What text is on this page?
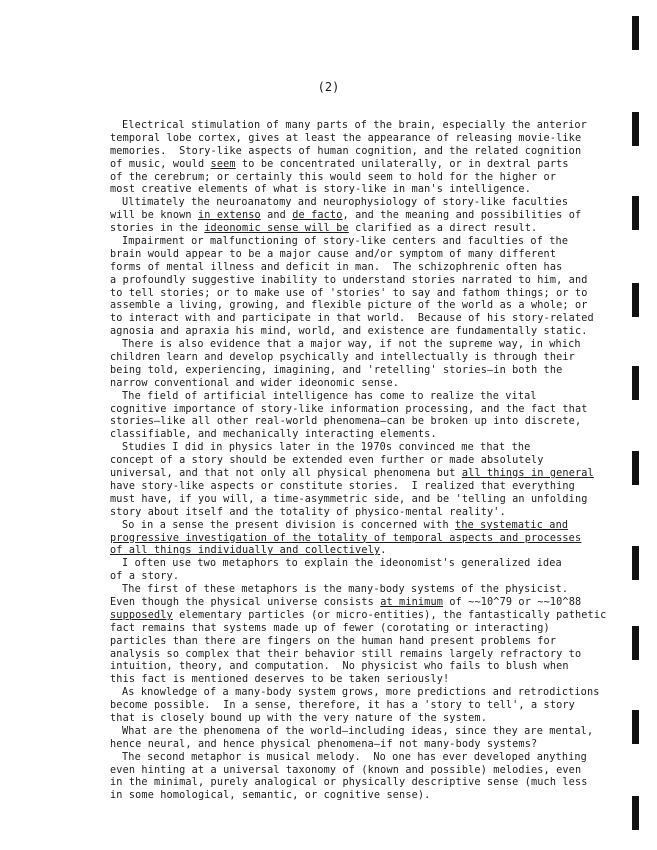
(2)
Electrical stimulation of many parts of the brain, especially the anterior
temporal lobe cortex, gives at least the appearance of releasing movie-like
memories.  Story-like aspects of human cognition, and the related cognition
of music, would seem to be concentrated unilaterally, or in dextral parts
of the cerebrum; or certainly this would seem to hold for the higher or
most creative elements of what is story-like in man's intelligence.
Ultimately the neuroanatomy and neurophysiology of story-like faculties
will be known in extenso and de facto, and the meaning and possibilities of
stories in the ideonomic sense will be clarified as a direct result.
Impairment or malfunctioning of story-like centers and faculties of the
brain would appear to be a major cause and/or symptom of many different
forms of mental illness and deficit in man.  The schizophrenic often has
a profoundly suggestive inability to understand stories narrated to him, and
to tell stories; or to make use of 'stories' to say and fathom things; or to
assemble a living, growing, and flexible picture of the world as a whole; or
to interact with and participate in that world.  Because of his story-related
agnosia and apraxia his mind, world, and existence are fundamentally static.
There is also evidence that a major way, if not the supreme way, in which
children learn and develop psychically and intellectually is through their
being told, experiencing, imagining, and 'retelling' stories—in both the
narrow conventional and wider ideonomic sense.
The field of artificial intelligence has come to realize the vital
cognitive importance of story-like information processing, and the fact that
stories—like all other real-world phenomena—can be broken up into discrete,
classifiable, and mechanically interacting elements.
Studies I did in physics later in the 1970s convinced me that the
concept of a story should be extended even further or made absolutely
universal, and that not only all physical phenomena but all things in general
have story-like aspects or constitute stories.  I realized that everything
must have, if you will, a time-asymmetric side, and be 'telling an unfolding
story about itself and the totality of physico-mental reality'.
So in a sense the present division is concerned with the systematic and
progressive investigation of the totality of temporal aspects and processes
of all things individually and collectively.
I often use two metaphors to explain the ideonomist's generalized idea
of a story.
The first of these metaphors is the many-body systems of the physicist.
Even though the physical universe consists at minimum of ~~10^79 or ~~10^88
supposedly elementary particles (or micro-entities), the fantastically pathetic
fact remains that systems made up of fewer (corotating or interacting)
particles than there are fingers on the human hand present problems for
analysis so complex that their behavior still remains largely refractory to
intuition, theory, and computation.  No physicist who fails to blush when
this fact is mentioned deserves to be taken seriously!
As knowledge of a many-body system grows, more predictions and retrodictions
become possible.  In a sense, therefore, it has a 'story to tell', a story
that is closely bound up with the very nature of the system.
What are the phenomena of the world—including ideas, since they are mental,
hence neural, and hence physical phenomena—if not many-body systems?
The second metaphor is musical melody.  No one has ever developed anything
even hinting at a universal taxonomy of (known and possible) melodies, even
in the minimal, purely analogical or physically descriptive sense (much less
in some homological, semantic, or cognitive sense).
